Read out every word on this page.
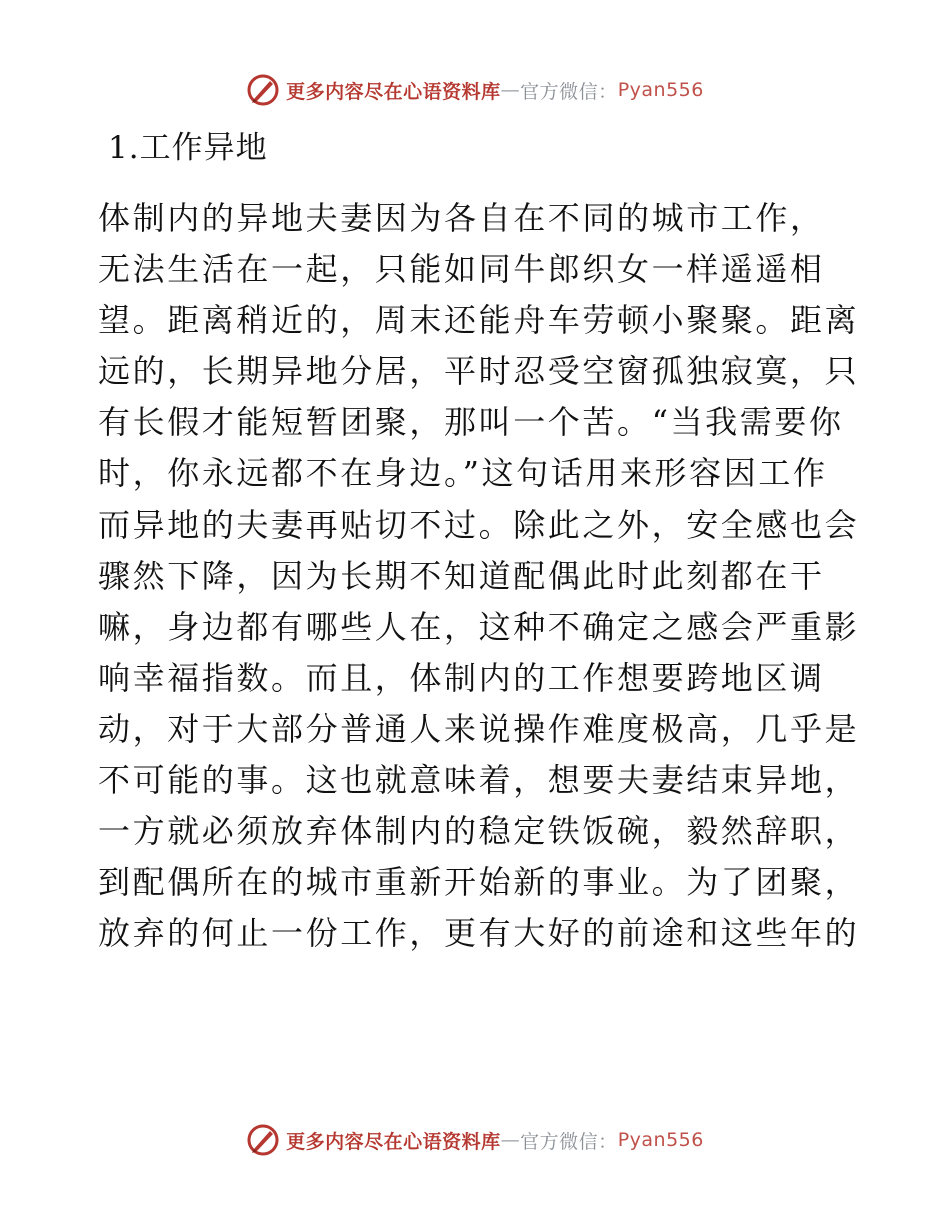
更多内容尽在心语资料库 — 官方微信： Pyan556
1.工作异地
体制内的异地夫妻因为各自在不同的城市工作，
无法生活在一起，只能如同牛郎织女一样遥遥相
望。距离稍近的，周末还能舟车劳顿小聚聚。距离
远的，长期异地分居，平时忍受空窗孤独寂寞，只
有长假才能短暂团聚，那叫一个苦。“当我需要你
时，你永远都不在身边。”这句话用来形容因工作
而异地的夫妻再贴切不过。除此之外，安全感也会
骤然下降，因为长期不知道配偶此时此刻都在干
嘛，身边都有哪些人在，这种不确定之感会严重影
响幸福指数。而且，体制内的工作想要跨地区调
动，对于大部分普通人来说操作难度极高，几乎是
不可能的事。这也就意味着，想要夫妻结束异地，
一方就必须放弃体制内的稳定铁饭碗，毅然辞职，
到配偶所在的城市重新开始新的事业。为了团聚，
放弃的何止一份工作，更有大好的前途和这些年的
更多内容尽在心语资料库 — 官方微信： Pyan556
